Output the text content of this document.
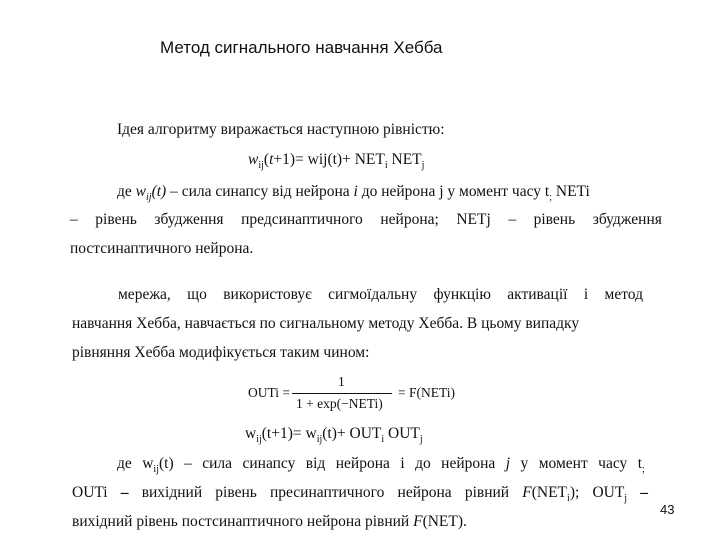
Метод сигнального навчання Хебба
Ідея алгоритму виражається наступною рівністю:
$w_{ij}(t+1)= wij(t)+ NET_i$ $NET_j$
де $w_{ij}(t)$ – сила синапсу від нейрона i до нейрона j у момент часу $t_;$ NETi
– рівень збудження предсинаптичного нейрона; NETj – рівень збудження
постсинаптичного нейрона.
мережа, що використовує сигмоїдальну функцію активації і метод
навчання Хебба, навчається по сигнальному методу Хебба. В цьому випадку
рівняння Хебба модифікується таким чином:
OUTi =
1
1 + exp(−NETi)
= F(NETi)
$w_{ij}(t+1)= w_{ij}(t)+ OUT_i$ $OUT_j$
де $w_{ij}(t)$ – сила синапсу від нейрона i до нейрона j у момент часу $t_;$
OUTi – вихідний рівень пресинаптичного нейрона рівний $F(NET_i)$; $OUT_j$ –
вихідний рівень постсинаптичного нейрона рівний F(NET).
43
